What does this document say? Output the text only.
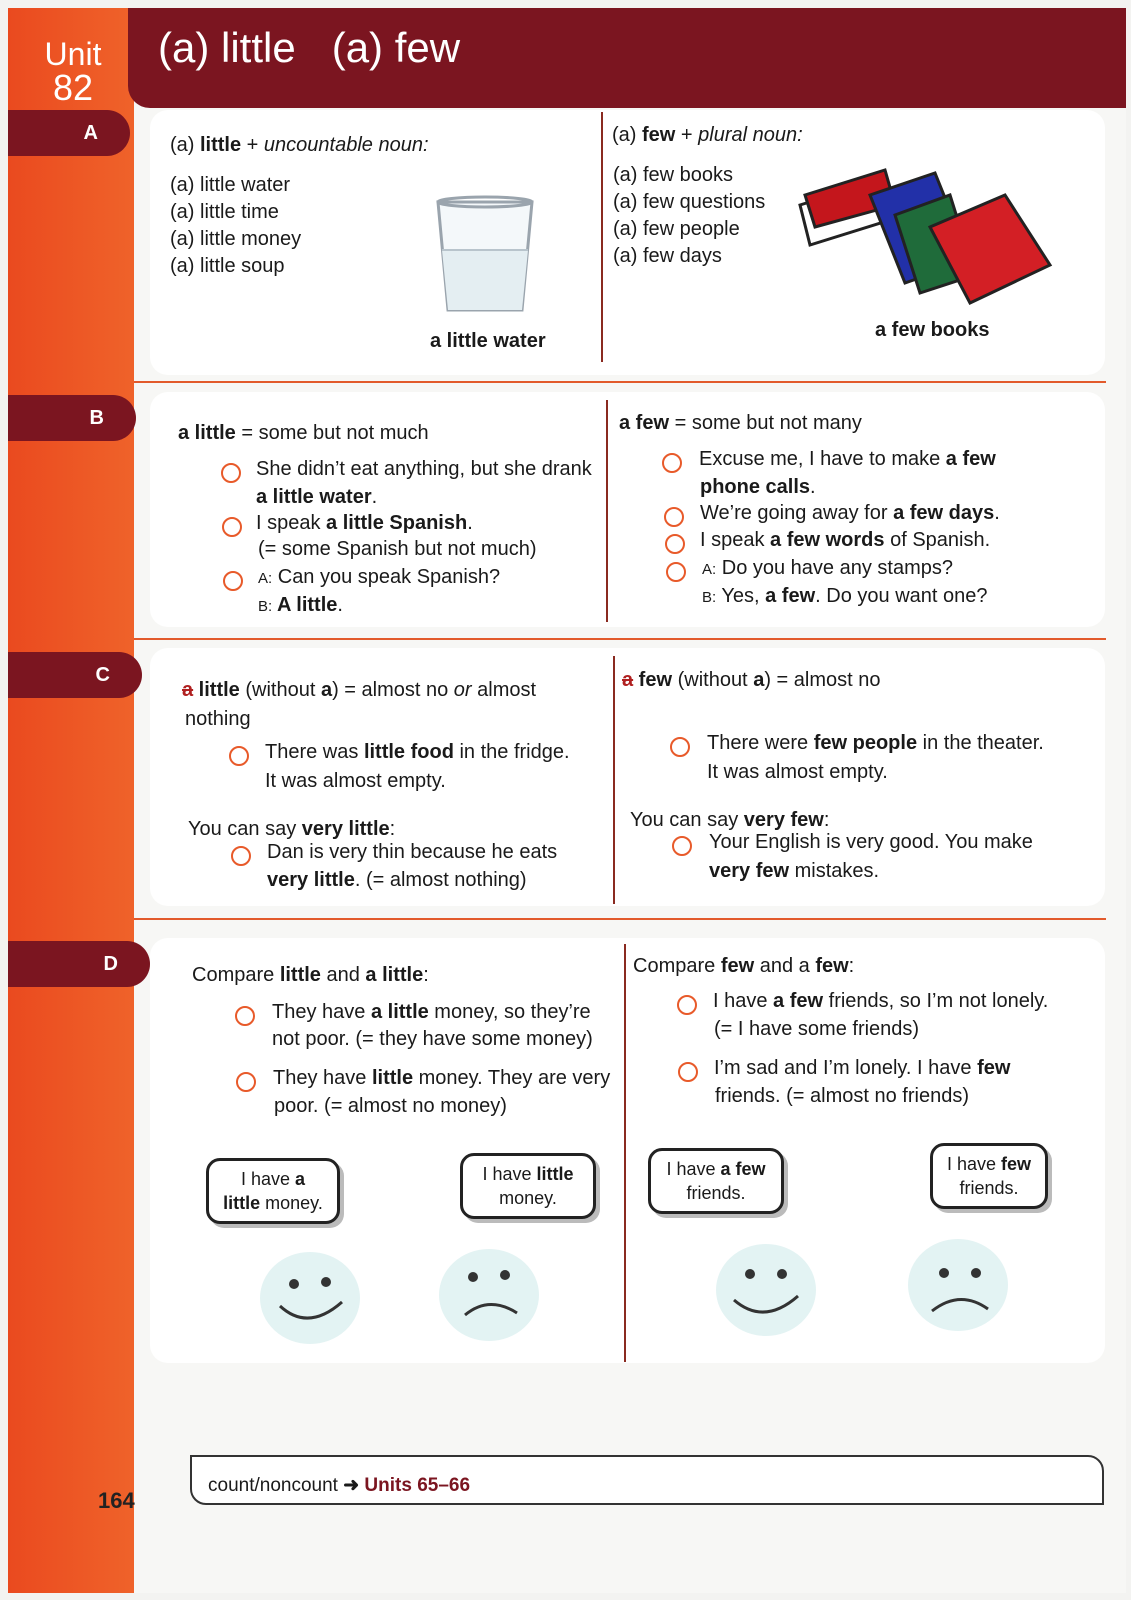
Unit
82
(a) little (a) few
A
B
C
D
(a) little + uncountable noun:
(a) little water
(a) little time
(a) little money
(a) little soup
a little water
(a) few + plural noun:
(a) few books
(a) few questions
(a) few people
(a) few days
a few books
a little = some but not much
She didn’t eat anything, but she drank
a little water.
I speak a little Spanish.
(= some Spanish but not much)
A: Can you speak Spanish?
B: A little.
a few = some but not many
Excuse me, I have to make a few
phone calls.
We’re going away for a few days.
I speak a few words of Spanish.
A: Do you have any stamps?
B: Yes, a few. Do you want one?
a little (without a) = almost no or almost
nothing
There was little food in the fridge.
It was almost empty.
You can say very little:
Dan is very thin because he eats
very little. (= almost nothing)
a few (without a) = almost no
There were few people in the theater.
It was almost empty.
You can say very few:
Your English is very good. You make
very few mistakes.
Compare little and a little:
They have a little money, so they’re
not poor. (= they have some money)
They have little money. They are very
poor. (= almost no money)
Compare few and a few:
I have a few friends, so I’m not lonely.
(= I have some friends)
I’m sad and I’m lonely. I have few
friends. (= almost no friends)
I have a
little money.
I have little
money.
I have a few
friends.
I have few
friends.
count/noncount ➜ Units 65–66
164
